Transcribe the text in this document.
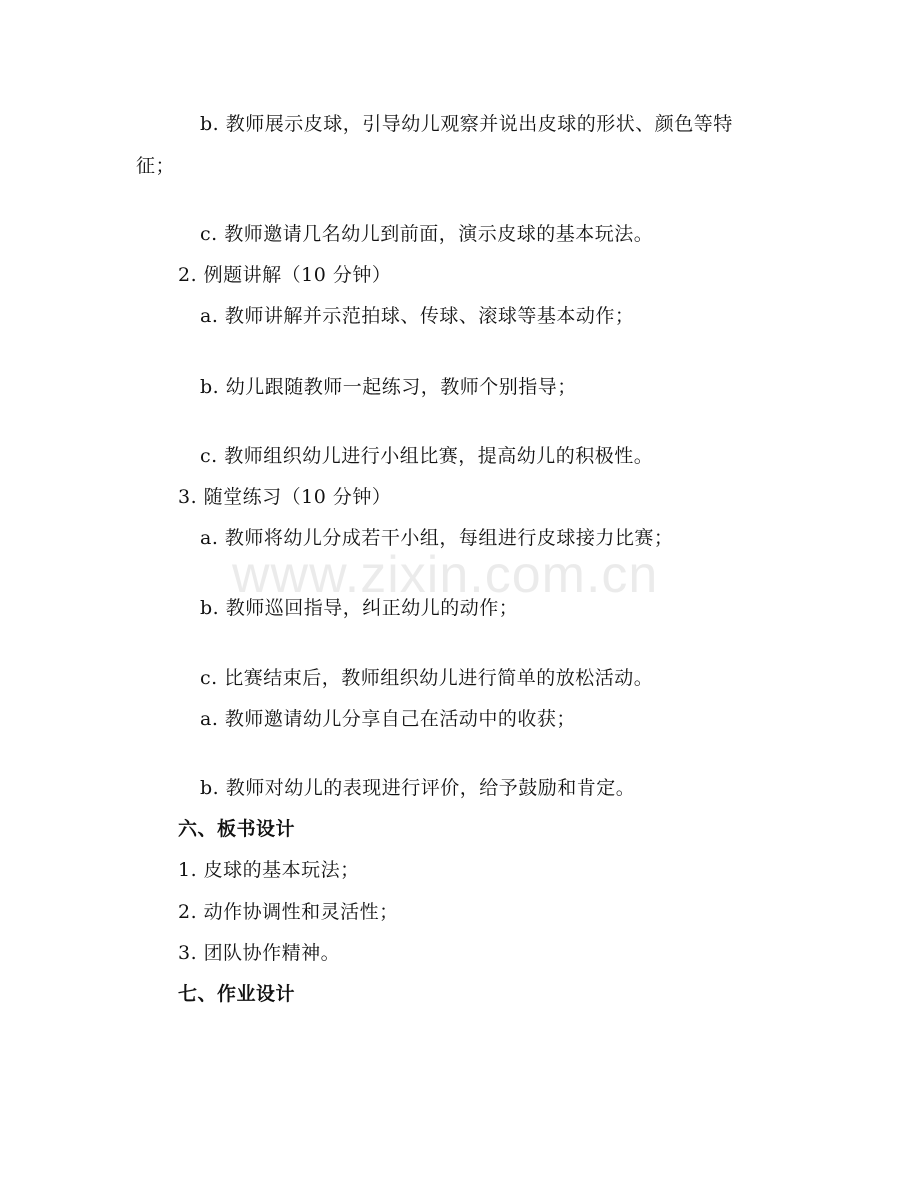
b. 教师展示皮球，引导幼儿观察并说出皮球的形状、颜色等特
征；
c. 教师邀请几名幼儿到前面，演示皮球的基本玩法。
2. 例题讲解（10 分钟）
a. 教师讲解并示范拍球、传球、滚球等基本动作；
b. 幼儿跟随教师一起练习，教师个别指导；
c. 教师组织幼儿进行小组比赛，提高幼儿的积极性。
3. 随堂练习（10 分钟）
a. 教师将幼儿分成若干小组，每组进行皮球接力比赛；
b. 教师巡回指导，纠正幼儿的动作；
c. 比赛结束后，教师组织幼儿进行简单的放松活动。
a. 教师邀请幼儿分享自己在活动中的收获；
b. 教师对幼儿的表现进行评价，给予鼓励和肯定。
六、板书设计
1. 皮球的基本玩法；
2. 动作协调性和灵活性；
3. 团队协作精神。
七、作业设计
www.zixin.com.cn
